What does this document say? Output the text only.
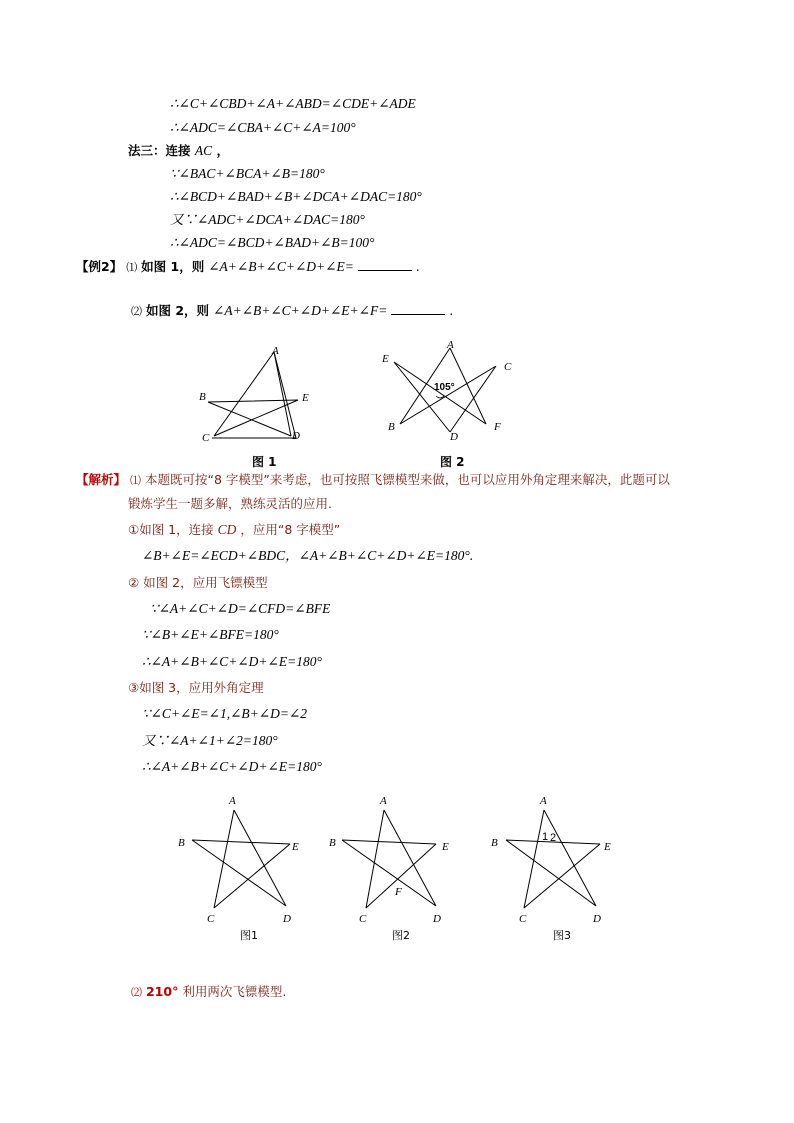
∴∠C+∠CBD+∠A+∠ABD=∠CDE+∠ADE
∴∠ADC=∠CBA+∠C+∠A=100°
法三：连接 AC ，
∵∠BAC+∠BCA+∠B=180°
∴∠BCD+∠BAD+∠B+∠DCA+∠DAC=180°
又∵∠ADC+∠DCA+∠DAC=180°
∴∠ADC=∠BCD+∠BAD+∠B=100°
【例2】 ⑴ 如图 1，则 ∠A+∠B+∠C+∠D+∠E=	.
⑵ 如图 2，则 ∠A+∠B+∠C+∠D+∠E+∠F=	.
A
B	E
C	D
图 1
A
E
C
B
D
F
105°
图 2
【解析】 ⑴ 本题既可按“8 字模型”来考虑，也可按照飞镖模型来做，也可以应用外角定理来解决，此题可以
锻炼学生一题多解，熟练灵活的应用.
①如图 1，连接 CD ，应用“8 字模型”
∠B+∠E=∠ECD+∠BDC，∠A+∠B+∠C+∠D+∠E=180°.
② 如图 2，应用飞镖模型
∵∠A+∠C+∠D=∠CFD=∠BFE
∵∠B+∠E+∠BFE=180°
∴∠A+∠B+∠C+∠D+∠E=180°
③如图 3，应用外角定理
∵∠C+∠E=∠1,∠B+∠D=∠2
又∵∠A+∠1+∠2=180°
∴∠A+∠B+∠C+∠D+∠E=180°
A
B	E
C	D
图1
A
B	E
C	D
F
图2
A
B	E
C	D
1 2
图3
⑵ 210° 利用两次飞镖模型.
